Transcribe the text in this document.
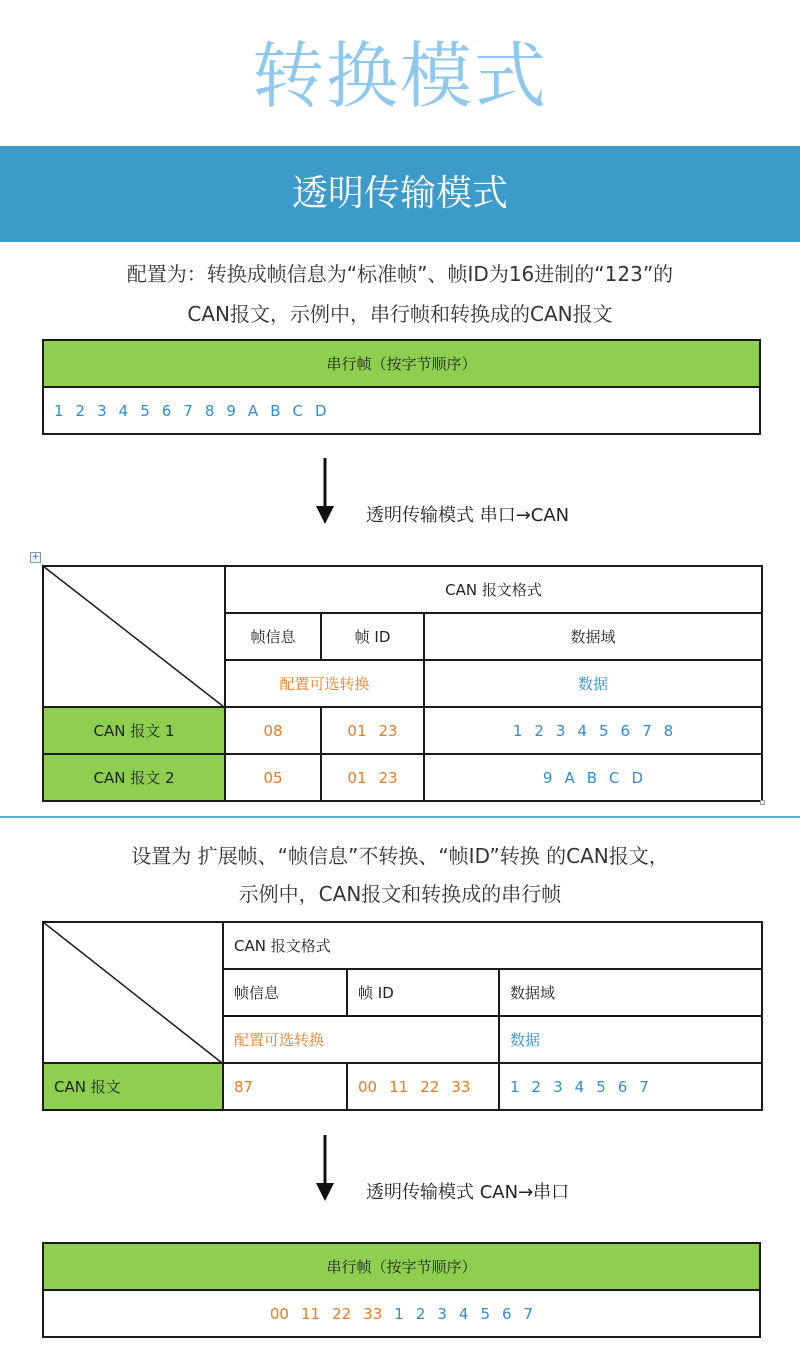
转换模式
透明传输模式
配置为：转换成帧信息为“标准帧”、帧ID为16进制的“123”的
CAN报文，示例中，串行帧和转换成的CAN报文
串行帧（按字节顺序）
1 2 3 4 5 6 7 8 9 A B C D
透明传输模式 串口→CAN
+
	CAN 报文格式		
	帧信息	帧 ID	数据域
	配置可选转换		数据
CAN 报文 1	08	01 23	1 2 3 4 5 6 7 8
CAN 报文 2	05	01 23	9 A B C D
设置为 扩展帧、“帧信息”不转换、“帧ID”转换 的CAN报文，
示例中，CAN报文和转换成的串行帧
	CAN 报文格式		
	帧信息	帧 ID	数据域
	配置可选转换		数据
CAN 报文	87	00 11 22 33	1 2 3 4 5 6 7
透明传输模式 CAN→串口
串行帧（按字节顺序）
00 11 22 33 1 2 3 4 5 6 7
